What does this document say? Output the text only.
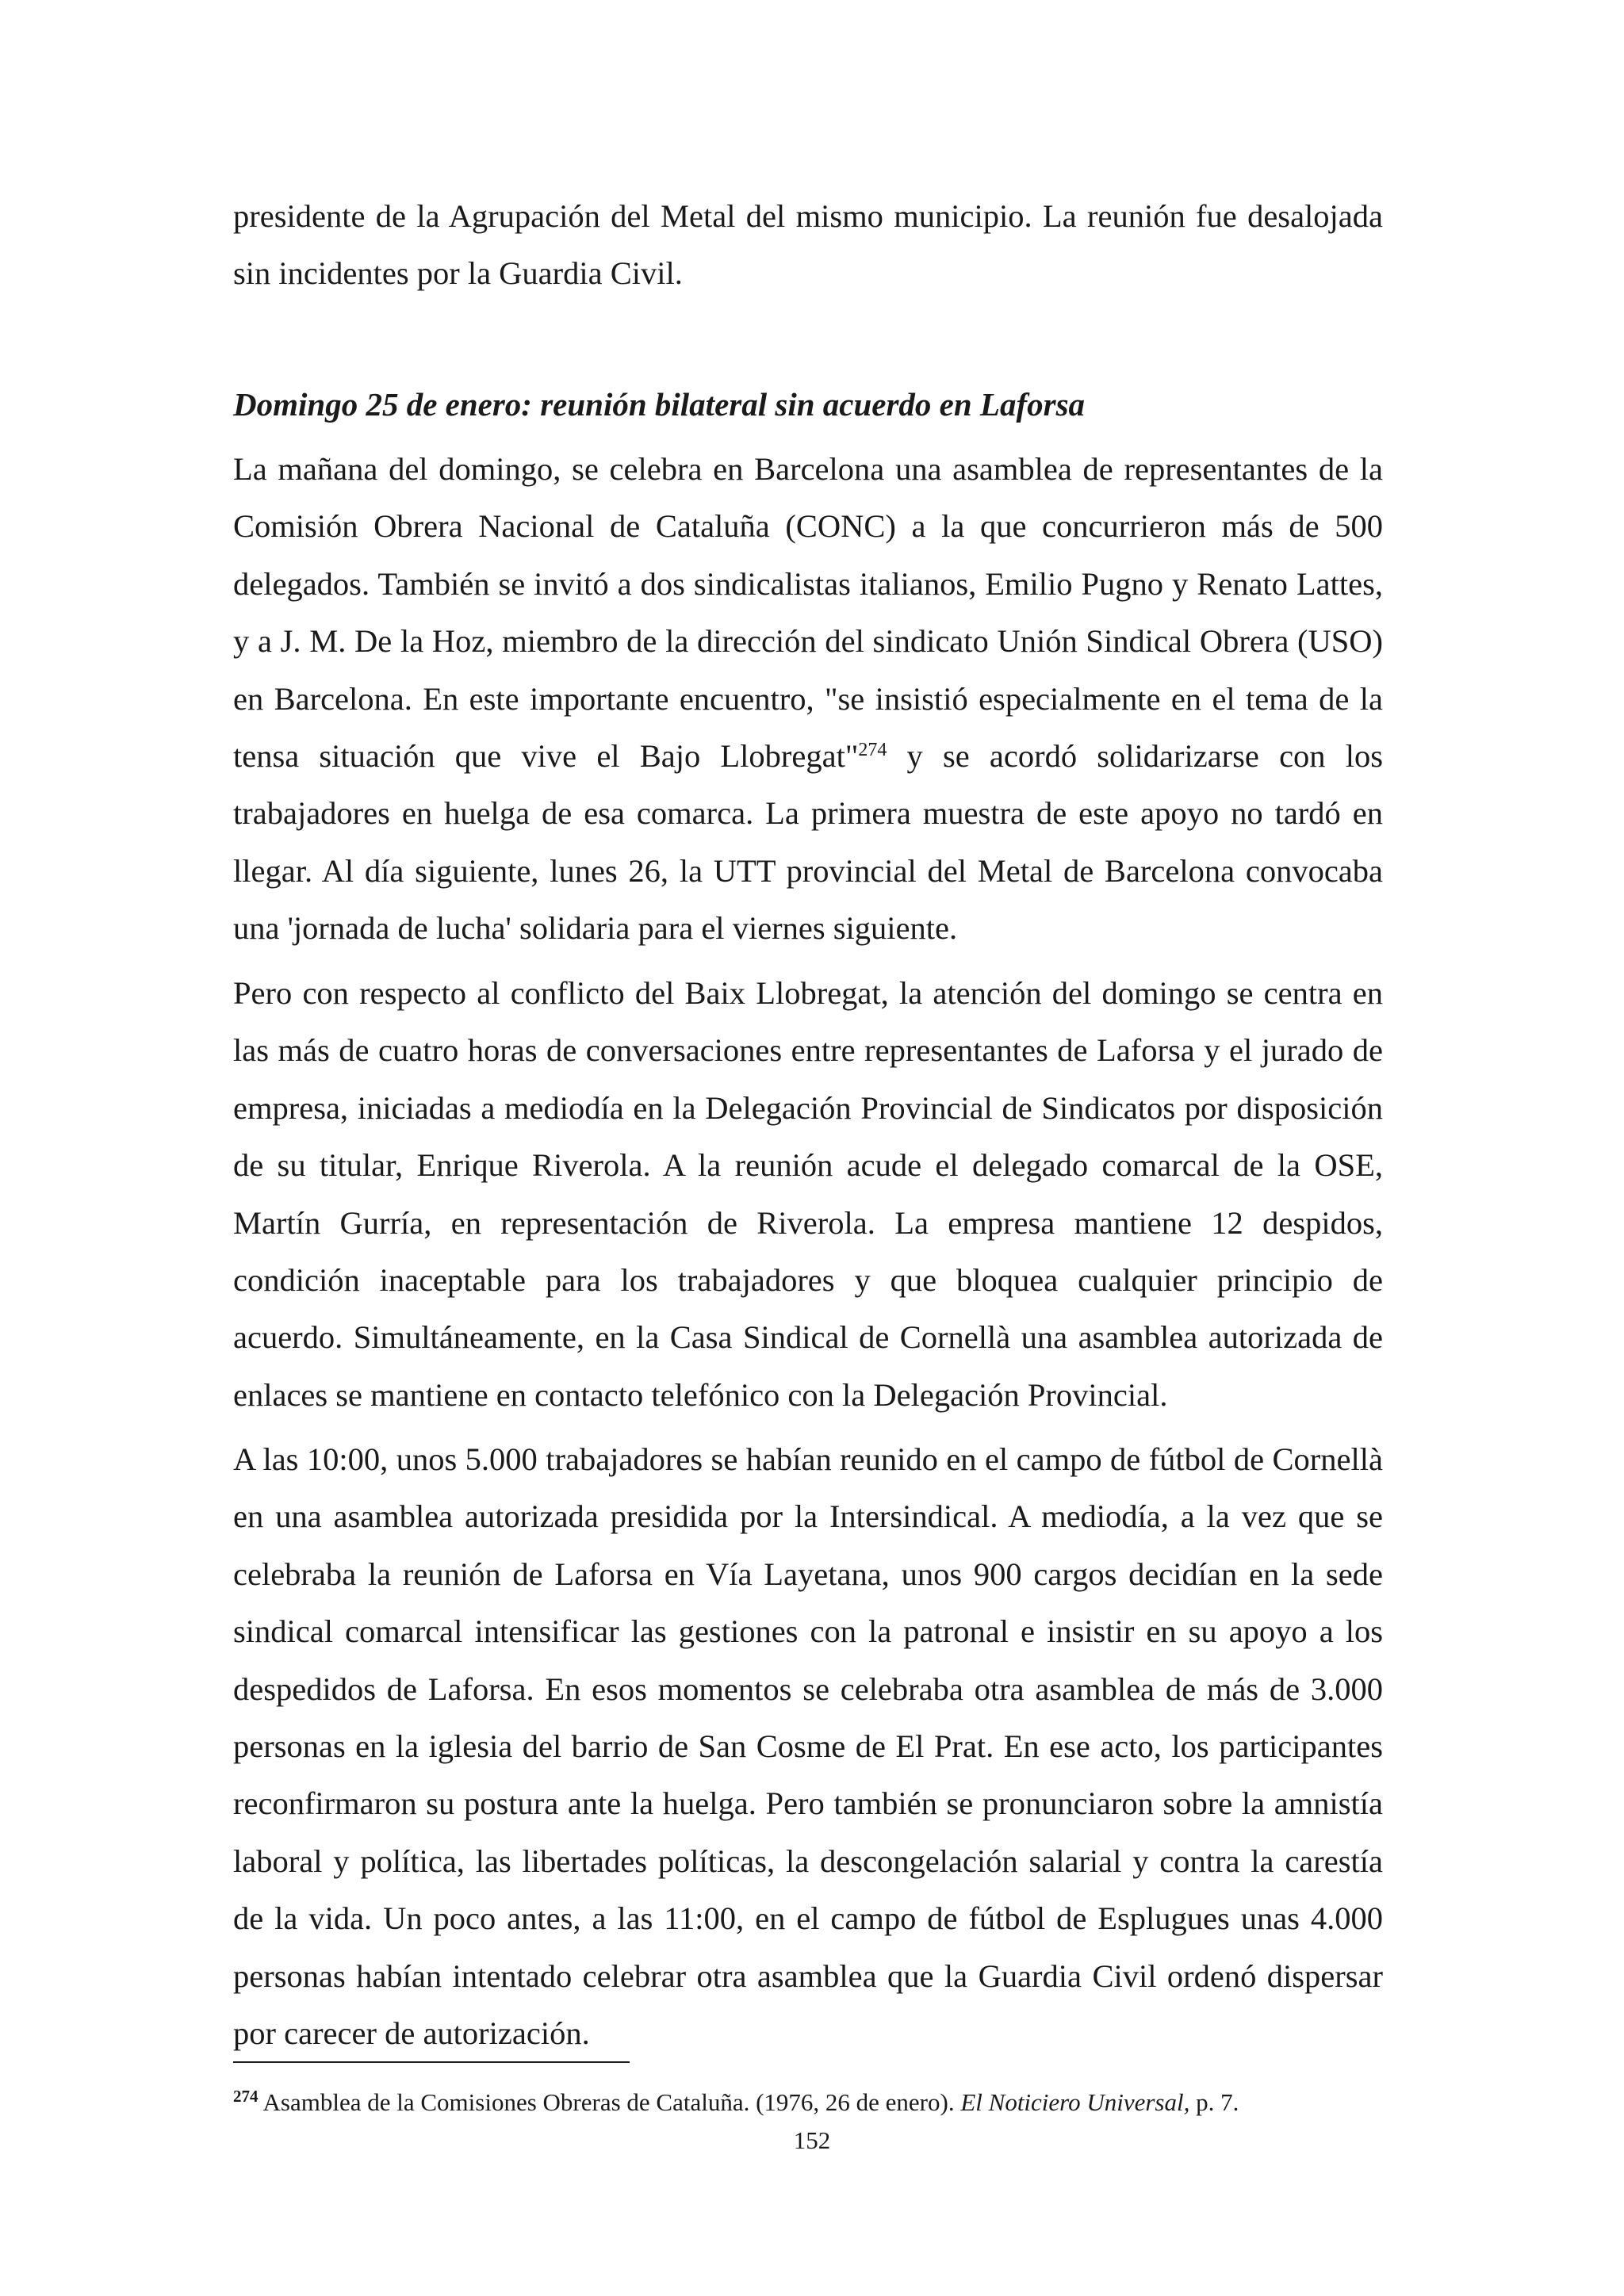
presidente de la Agrupación del Metal del mismo municipio. La reunión fue desalojada sin incidentes por la Guardia Civil.

Domingo 25 de enero: reunión bilateral sin acuerdo en Laforsa

La mañana del domingo, se celebra en Barcelona una asamblea de representantes de la Comisión Obrera Nacional de Cataluña (CONC) a la que concurrieron más de 500 delegados. También se invitó a dos sindicalistas italianos, Emilio Pugno y Renato Lattes, y a J. M. De la Hoz, miembro de la dirección del sindicato Unión Sindical Obrera (USO) en Barcelona. En este importante encuentro, "se insistió especialmente en el tema de la tensa situación que vive el Bajo Llobregat"$^{274}$ y se acordó solidarizarse con los trabajadores en huelga de esa comarca. La primera muestra de este apoyo no tardó en llegar. Al día siguiente, lunes 26, la UTT provincial del Metal de Barcelona convocaba una 'jornada de lucha' solidaria para el viernes siguiente.

Pero con respecto al conflicto del Baix Llobregat, la atención del domingo se centra en las más de cuatro horas de conversaciones entre representantes de Laforsa y el jurado de empresa, iniciadas a mediodía en la Delegación Provincial de Sindicatos por disposición de su titular, Enrique Riverola. A la reunión acude el delegado comarcal de la OSE, Martín Gurría, en representación de Riverola. La empresa mantiene 12 despidos, condición inaceptable para los trabajadores y que bloquea cualquier principio de acuerdo. Simultáneamente, en la Casa Sindical de Cornellà una asamblea autorizada de enlaces se mantiene en contacto telefónico con la Delegación Provincial.

A las 10:00, unos 5.000 trabajadores se habían reunido en el campo de fútbol de Cornellà en una asamblea autorizada presidida por la Intersindical. A mediodía, a la vez que se celebraba la reunión de Laforsa en Vía Layetana, unos 900 cargos decidían en la sede sindical comarcal intensificar las gestiones con la patronal e insistir en su apoyo a los despedidos de Laforsa. En esos momentos se celebraba otra asamblea de más de 3.000 personas en la iglesia del barrio de San Cosme de El Prat. En ese acto, los participantes reconfirmaron su postura ante la huelga. Pero también se pronunciaron sobre la amnistía laboral y política, las libertades políticas, la descongelación salarial y contra la carestía de la vida. Un poco antes, a las 11:00, en el campo de fútbol de Esplugues unas 4.000 personas habían intentado celebrar otra asamblea que la Guardia Civil ordenó dispersar por carecer de autorización.

$^{274}$ Asamblea de la Comisiones Obreras de Cataluña. (1976, 26 de enero). El Noticiero Universal, p. 7.

152
